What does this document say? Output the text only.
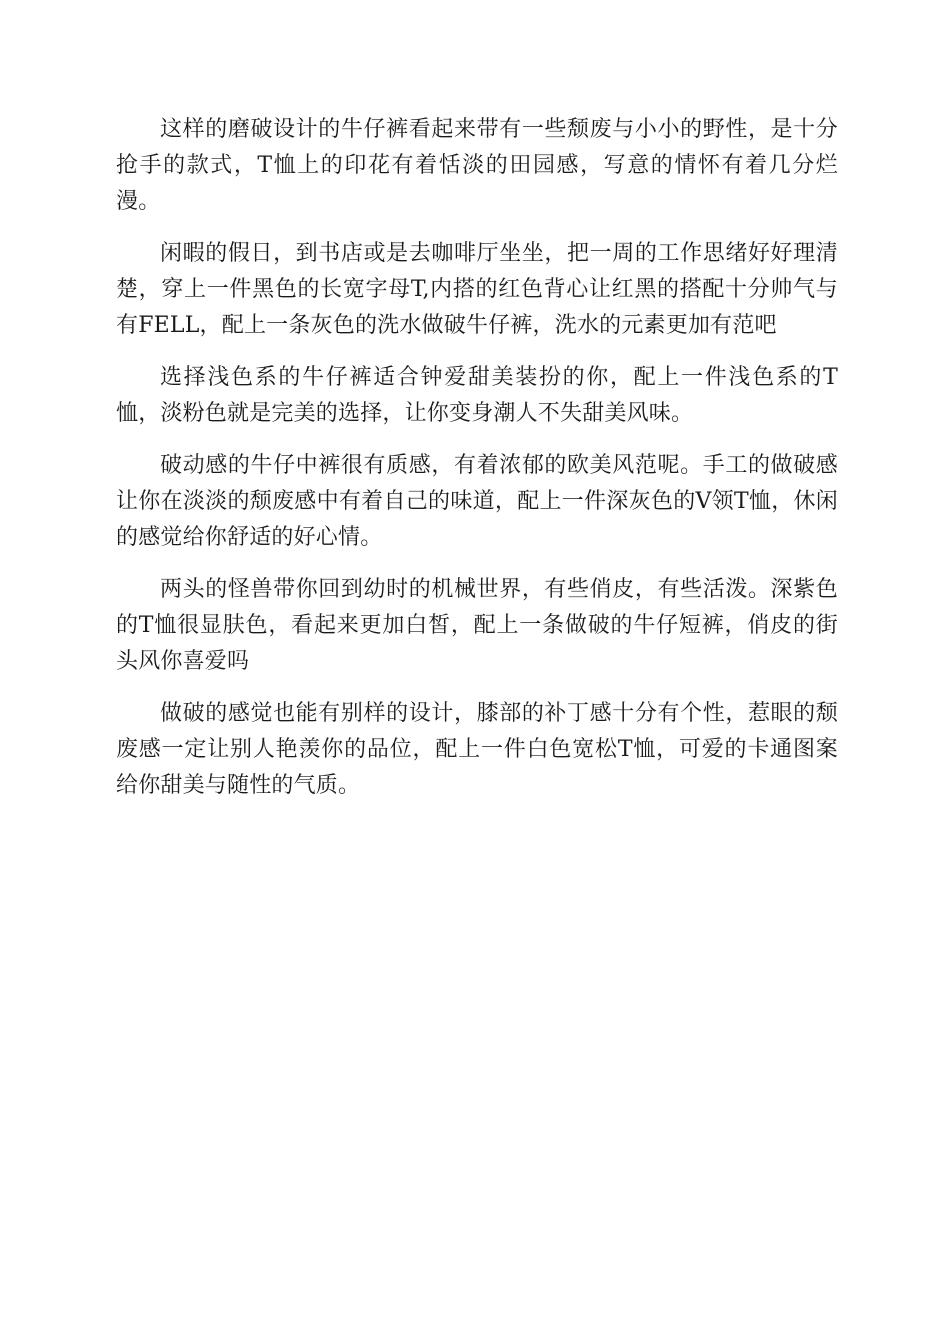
这样的磨破设计的牛仔裤看起来带有一些颓废与小小的野性，是十分抢手的款式，T恤上的印花有着恬淡的田园感，写意的情怀有着几分烂漫。

闲暇的假日，到书店或是去咖啡厅坐坐，把一周的工作思绪好好理清楚，穿上一件黑色的长宽字母T,内搭的红色背心让红黑的搭配十分帅气与有FELL，配上一条灰色的洗水做破牛仔裤，洗水的元素更加有范吧

选择浅色系的牛仔裤适合钟爱甜美装扮的你，配上一件浅色系的T恤，淡粉色就是完美的选择，让你变身潮人不失甜美风味。

破动感的牛仔中裤很有质感，有着浓郁的欧美风范呢。手工的做破感让你在淡淡的颓废感中有着自己的味道，配上一件深灰色的V领T恤，休闲的感觉给你舒适的好心情。

两头的怪兽带你回到幼时的机械世界，有些俏皮，有些活泼。深紫色的T恤很显肤色，看起来更加白皙，配上一条做破的牛仔短裤，俏皮的街头风你喜爱吗

做破的感觉也能有别样的设计，膝部的补丁感十分有个性，惹眼的颓废感一定让别人艳羡你的品位，配上一件白色宽松T恤，可爱的卡通图案给你甜美与随性的气质。
